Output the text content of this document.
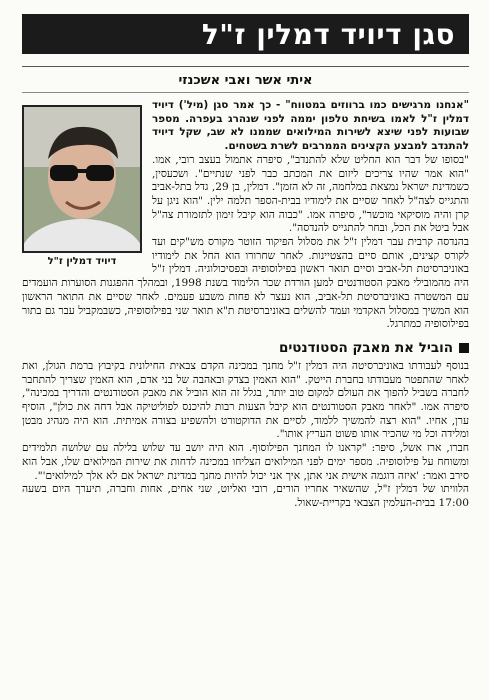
סגן דיויד דמלין ז"ל
איתי אשר ואבי אשכנזי
דיויד דמלין ז"ל

"אנחנו מרגישים כמו ברווזים במטווח" - כך אמר סגן (מיל') דיויד דמלין ז"ל לאמו בשיחת טלפון יממה לפני שנהרג בעפרה. מספר שבועות לפני שיצא לשירות המילואים שממנו לא שב, שקל דיויד להתנדב למבצע הקצינים הממרבים לשרת בשטחים.

"בסופו של דבר הוא החליט שלא להתנדב", סיפרה אתמול בעצב רובי, אמו. "הוא אמר שהיו צריכים ליזום את המכתב כבר לפני שנתיים". ושכעסין, כשמדינת ישראל נמצאת במלחמה, זה לא הזמן". דמלין, בן 29, גדל בתל-אביב והתגייס לצה"ל לאחר שסיים את לימודיו בבית-הספר תלמה ילין. "הוא ניגן על קרן והיה מוסיקאי מוכשר", סיפרה אמו. "כבוה הוא קיבל זימון לתזמורת צה"ל אבל ביטל את הכל, ובחר להתגייס להנדסה".

בהנדסה קרבית עבר דמלין ז"ל את מסלול הפיקוד הזוטר מקורס מש"קים ועד לקורס קצינים, אותם סיים בהצטיינות. לאחר שחרורו הוא החל את לימודיו באוניברסיטת תל-אביב וסיים תואר ראשון בפילוסופיה ובפסיכולוגיה. דמלין ז"ל היה מהמובילי מאבק הסטודנטים למען הורדת שכר הלימוד בשנת 1998, ובמהלך ההפגנות הסוערות הועמדים עם המשטרה באוניברסיטת תל-אביב, הוא נעצר לא פחות משבע פעמים. לאחר שסיים את התואר הראשון הוא המשיך במסלול האקדמי ועמד להשלים באוניברסיטת ת"א תואר שני בפילוסופיה, כשבמקביל עבר גם בתור בפילוסופיה כמתרגל.

הוביל את מאבק הסטודנטים

בנוסף לעבודתו באוניברסיטה היה דמלין ז"ל מחנך במכינה הקדם צבאית החילונית בקיבוץ ברמת הגולן, ואת לאחר שהתפטר מעבודתו בחברת הייטק. "הוא האמין בצדק ובאהבה של בני אדם, הוא האמין שצריך להתחבר לחברה בשביל להפוך את העולם למקום טוב יותר, בגלל זה הוא הוביל את מאבק הסטודנטים והדריך במכינה", סיפרה אמו. "לאחר מאבק הסטודנטים הוא קיבל הצעות רבות להיכנס לפוליטיקה אבל דחה את כולן", הוסיף ערן, אחיו. "הוא רצה להמשיך ללמוד, לסיים את הדוקטורט ולהשפיע בצורה אמיתית. הוא היה מנהיג מבטן ומלידה וכל מי שהכיר אותו פשוט העריץ אותו".

חברו, ארז אשל, סיפר: "קראנו לו המחנך הפילוסוף. הוא היה יושב עד שלוש בלילה עם שלושה תלמידים ומשוחח על פילוסופיה. מספר ימים לפני המילואים הצליחו במכינה לדחות את שירות המילואים שלו, אבל הוא סירב ואמר: 'איזה דוגמה אישית אני אתן, איך אני יכול להיות מחנך במדינת ישראל אם לא אלך למילואים'".

הלוויתו של דמלין ז"ל, שהשאיר אחריו הורים, רובי ואליוט, שני אחים, אחות וחברה, תיערך היום בשעה 17:00 בבית-העלמין הצבאי בקריית-שאול.
